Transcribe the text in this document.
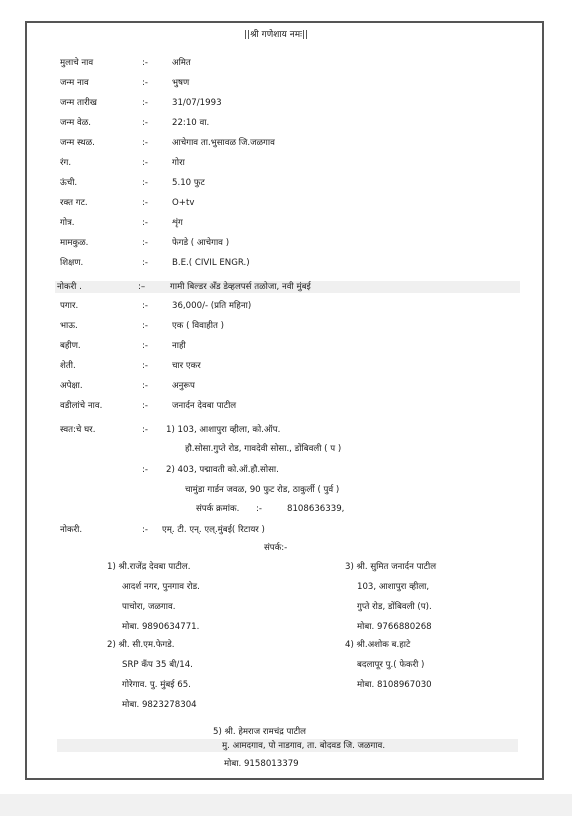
||श्री गणेशाय नमः||
मुलाचे नाव	:-	अमित
जन्म नाव	:-	भुषण
जन्म तारीख	:-	31/07/1993
जन्म वेळ.	:-	22:10 वा.
जन्म स्थळ.	:-	आचेगाव ता.भुसावळ जि.जळगाव
रंग.	:-	गोरा
ऊंची.	:-	5.10 फुट
रक्त गट.	:-	O+tv
गोत्र.	:-	शृंग
मामकुळ.	:-	फेगडे ( आचेगाव )
शिक्षण.	:-	B.E.( CIVIL ENGR.)
नोकरी .	:–	गामी बिल्डर अँड डेव्हलपर्स तळोजा, नवी मुंबई
पगार.	:-	36,000/- (प्रति महिना)
भाऊ.	:-	एक ( विवाहीत )
बहीण.	:-	नाही
शेती.	:-	चार एकर
अपेक्षा.	:-	अनुरूप
वडीलांचे नाव.	:-	जनार्दन देवबा पाटील
स्वत:चे घर.	:- 1) 103, आशापुरा व्हीला, को.ऑप.
हौ.सोसा.गुप्ते रोड, गावदेवी सोसा., डोंबिवली ( प )
:- 2) 403, पद्मावती को.ऑ.हौ.सोसा.
चामुंडा गार्डन जवळ, 90 फुट रोड, ठाकुर्ली ( पुर्व )
संपर्क क्रमांक. :-	8108636339,
नोकरी.	:- एम्. टी. एन्. एल्.मुंबई( रिटायर )
संपर्क:-
1) श्री.राजेंद्र देवबा पाटील.
आदर्श नगर, पुनगाव रोड.
पाचोरा, जळगाव.
मोबा. 9890634771.
2) श्री. सी.एम.फेगडे.
SRP कॅंप 35 बी/14.
गोरेगाव. पु. मुंबई 65.
मोबा. 9823278304
3) श्री. सुमित जनार्दन पाटील
103, आशापुरा व्हीला,
गुप्ते रोड, डोंबिवली (प).
मोबा. 9766880268
4) श्री.अशोक ब.हाटे
बदलापूर पु.( फेकरी )
मोबा. 8108967030
5) श्री. हेमराज रामचंद्र पाटील
मु. आमदगाव, पो नाडगाव, ता. बोदवड जि. जळगाव.
मोबा. 9158013379
